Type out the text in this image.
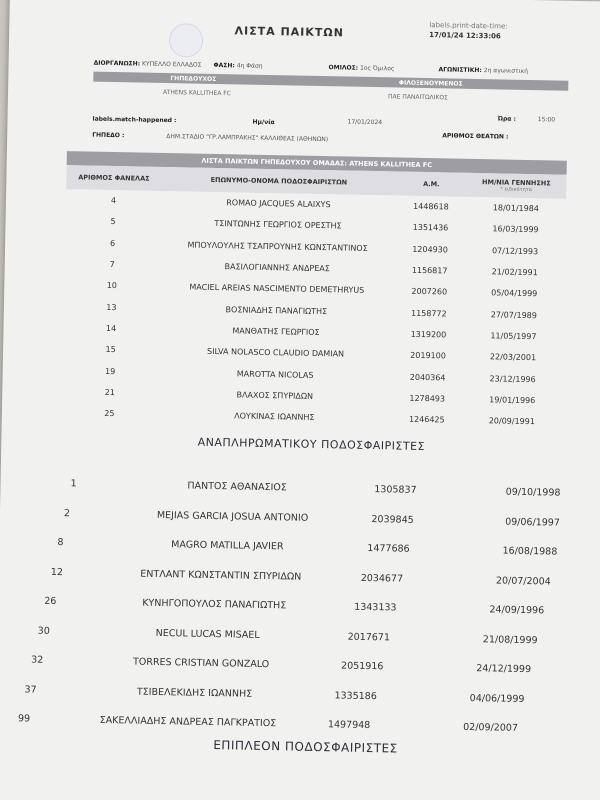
ΛΙΣΤΑ ΠΑΙΚΤΩΝ	labels.print-date-time:
17/01/24 12:33:06
ΔΙΟΡΓΑΝΩΣΗ: ΚΥΠΕΛΛΟ ΕΛΛΑΔΟΣ ΦΑΣΗ: 4η Φάση	ΟΜΙΛΟΣ: 1ος Όμιλος	ΑΓΩΝΙΣΤΙΚΗ: 2η αγωνιστική
ΓΗΠΕΔΟΥΧΟΣ
ΦΙΛΟΞΕΝΟΥΜΕΝΟΣ
ATHENS KALLITHEA FC
ΠΑΕ ΠΑΝΑΙΤΩΛΙΚΟΣ
labels.match-happened :	Ημ/νία	17/01/2024	Ώρα :	15:00
ΓΗΠΕΔΟ :	ΔΗΜ.ΣΤΑΔΙΟ "ΓΡ.ΛΑΜΠΡΑΚΗΣ" ΚΑΛΛΙΘΕΑΣ (ΑΘΗΝΩΝ)	ΑΡΙΘΜΟΣ ΘΕΑΤΩΝ :
ΛΙΣΤΑ ΠΑΙΚΤΩΝ ΓΗΠΕΔΟΥΧΟΥ ΟΜΑΔΑΣ: ATHENS KALLITHEA FC
ΑΡΙΘΜΟΣ ΦΑΝΕΛΑΣ	ΕΠΩΝΥΜΟ-ΟΝΟΜΑ ΠΟΔΟΣΦΑΙΡΙΣΤΩΝ	Α.Μ.	ΗΜ/ΝΙΑ ΓΕΝΝΗΣΗΣ
* ειδικότητα
4	ROMAO JACQUES ALAIXYS	1448618	18/01/1984
5	ΤΣΙΝΤΩΝΗΣ ΓΕΩΡΓΙΟΣ ΟΡΕΣΤΗΣ	1351436	16/03/1999
6	ΜΠΟΥΛΟΥΛΗΣ ΤΣΑΠΡΟΥΝΗΣ ΚΩΝΣΤΑΝΤΙΝΟΣ	1204930	07/12/1993
7	ΒΑΣΙΛΟΓΙΑΝΝΗΣ ΑΝΔΡΕΑΣ	1156817	21/02/1991
10	MACIEL AREIAS NASCIMENTO DEMETHRYUS	2007260	05/04/1999
13	ΒΟΣΝΙΑΔΗΣ ΠΑΝΑΓΙΩΤΗΣ	1158772	27/07/1989
14	ΜΑΝΘΑΤΗΣ ΓΕΩΡΓΙΟΣ	1319200	11/05/1997
15	SILVA NOLASCO CLAUDIO DAMIAN	2019100	22/03/2001
19	MAROTTA NICOLAS	2040364	23/12/1996
21	ΒΛΑΧΟΣ ΣΠΥΡΙΔΩΝ	1278493	19/01/1996
25	ΛΟΥΚΙΝΑΣ ΙΩΑΝΝΗΣ	1246425	20/09/1991
ΑΝΑΠΛΗΡΩΜΑΤΙΚΟΥ ΠΟΔΟΣΦΑΙΡΙΣΤΕΣ
1	ΠΑΝΤΟΣ ΑΘΑΝΑΣΙΟΣ	1305837	09/10/1998
2	MEJIAS GARCIA JOSUA ANTONIO	2039845	09/06/1997
8	MAGRO MATILLA JAVIER	1477686	16/08/1988
12	ΕΝΤΛΑΝΤ ΚΩΝΣΤΑΝΤΙΝ ΣΠΥΡΙΔΩΝ	2034677	20/07/2004
26	ΚΥΝΗΓΟΠΟΥΛΟΣ ΠΑΝΑΓΙΩΤΗΣ	1343133	24/09/1996
30	NECUL LUCAS MISAEL	2017671	21/08/1999
32	TORRES CRISTIAN GONZALO	2051916	24/12/1999
37	ΤΣΙΒΕΛΕΚΙΔΗΣ ΙΩΑΝΝΗΣ	1335186	04/06/1999
99	ΣΑΚΕΛΛΙΑΔΗΣ ΑΝΔΡΕΑΣ ΠΑΓΚΡΑΤΙΟΣ	1497948	02/09/2007
ΕΠΙΠΛΕΟΝ ΠΟΔΟΣΦΑΙΡΙΣΤΕΣ
